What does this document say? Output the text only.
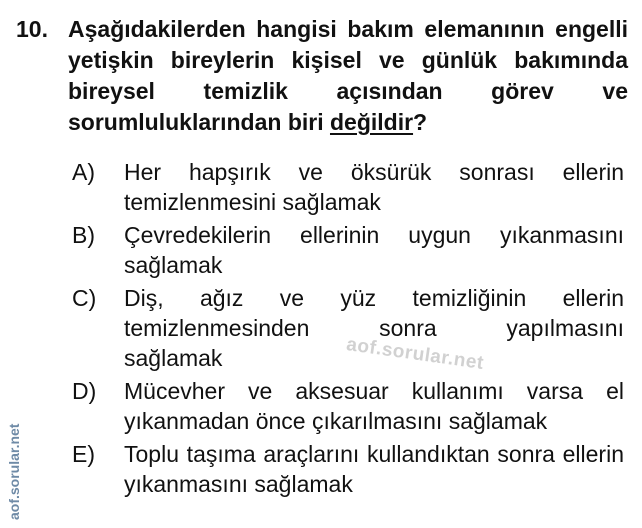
10. Aşağıdakilerden hangisi bakım elemanının engelli yetişkin bireylerin kişisel ve günlük bakımında bireysel temizlik açısından görev ve sorumluluklarından biri değildir?
A)	Her hapşırık ve öksürük sonrası ellerin temizlenmesini sağlamak
B)	Çevredekilerin ellerinin uygun yıkanmasını sağlamak
C)	Diş, ağız ve yüz temizliğinin ellerin temizlenmesinden sonra yapılmasını
sağlamak
D)	Mücevher ve aksesuar kullanımı varsa el yıkanmadan önce çıkarılmasını sağlamak
E)	Toplu taşıma araçlarını kullandıktan sonra ellerin yıkanmasını sağlamak
aof.sorular.net
aof.sorular.net
